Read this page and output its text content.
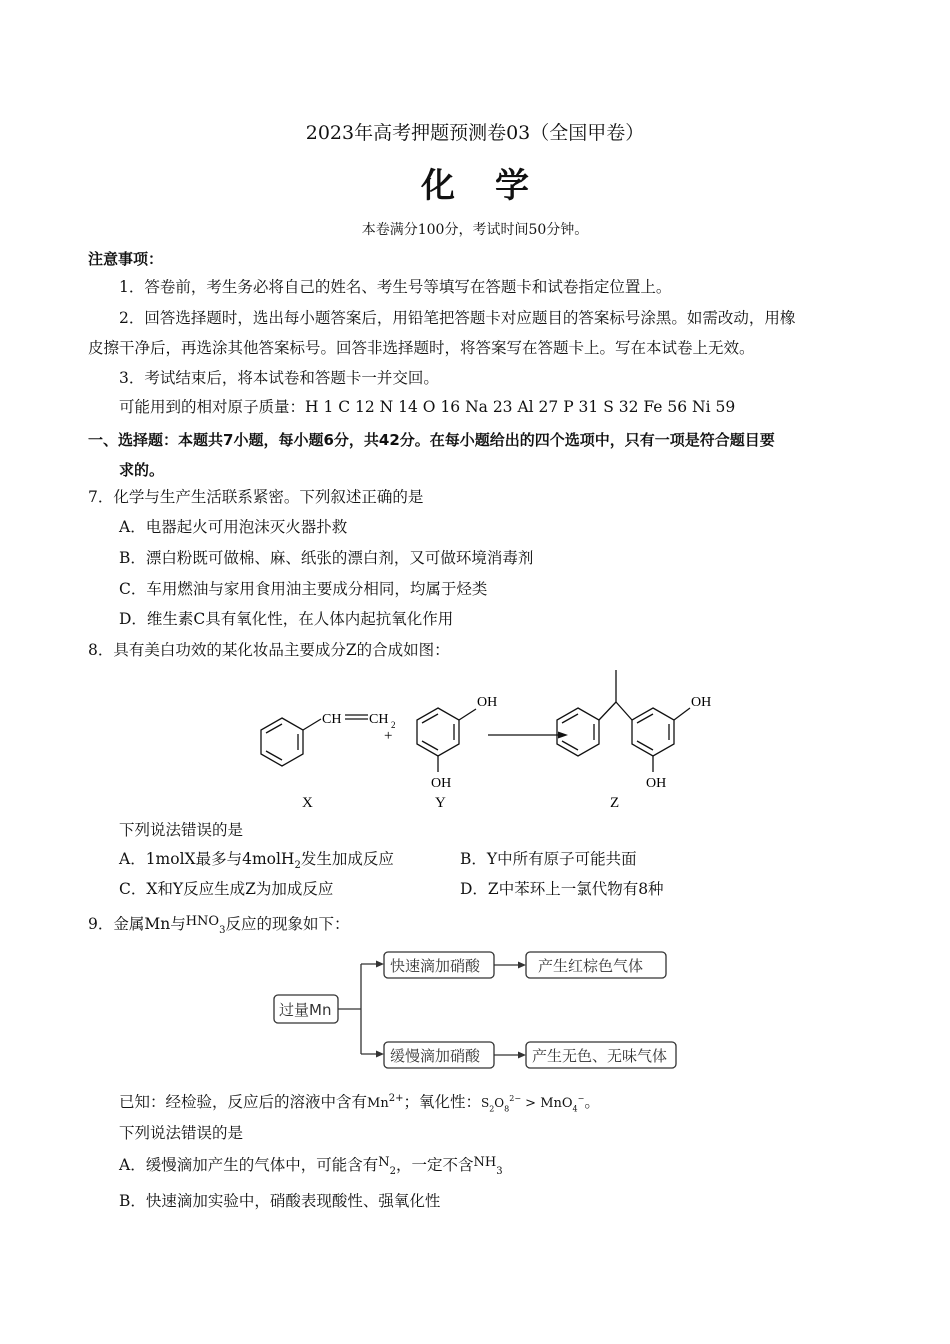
2023年高考押题预测卷03（全国甲卷）
化学
本卷满分100分，考试时间50分钟。
注意事项：
1．答卷前，考生务必将自己的姓名、考生号等填写在答题卡和试卷指定位置上。
2．回答选择题时，选出每小题答案后，用铅笔把答题卡对应题目的答案标号涂黑。如需改动，用橡
皮擦干净后，再选涂其他答案标号。回答非选择题时，将答案写在答题卡上。写在本试卷上无效。
3．考试结束后，将本试卷和答题卡一并交回。
可能用到的相对原子质量：H 1 C 12 N 14 O 16 Na 23 Al 27 P 31 S 32 Fe 56 Ni 59
一、选择题：本题共7小题，每小题6分，共42分。在每小题给出的四个选项中，只有一项是符合题目要
求的。
7．化学与生产生活联系紧密。下列叙述正确的是
A．电器起火可用泡沫灭火器扑救
B．漂白粉既可做棉、麻、纸张的漂白剂，又可做环境消毒剂
C．车用燃油与家用食用油主要成分相同，均属于烃类
D．维生素C具有氧化性，在人体内起抗氧化作用
8．具有美白功效的某化妆品主要成分Z的合成如图：
CH CH 2
X
+
OH
OH
Y
OH
OH
Z
下列说法错误的是
A．1molX最多与4molH$_2$发生加成反应	B．Y中所有原子可能共面
C．X和Y反应生成Z为加成反应	D．Z中苯环上一氯代物有8种
9．金属Mn与$^{HNO}_3$反应的现象如下：
过量Mn
快速滴加硝酸
缓慢滴加硝酸
产生红棕色气体
产生无色、无味气体
已知：经检验，反应后的溶液中含有$Mn^{2+}$；氧化性：$S_2O_8^{2-} > MnO_4^-$。
下列说法错误的是
A．缓慢滴加产生的气体中，可能含有$^N_2$，一定不含$^{NH}_3$
B．快速滴加实验中，硝酸表现酸性、强氧化性
